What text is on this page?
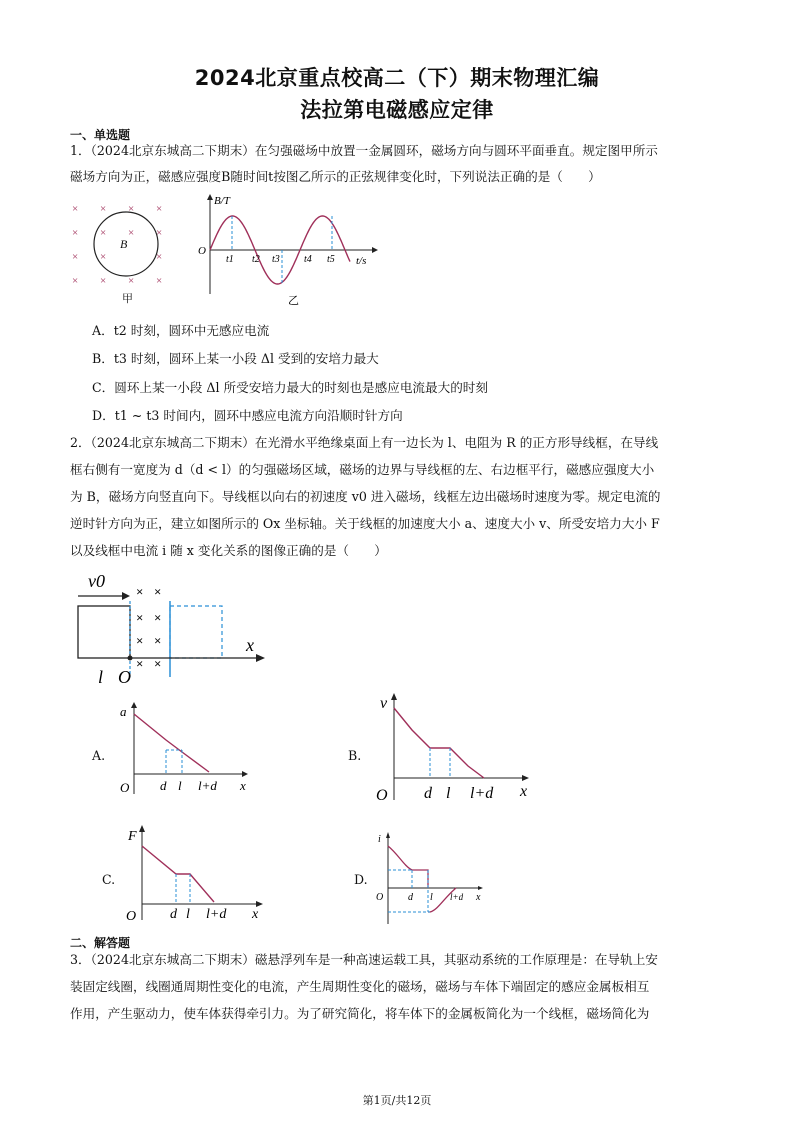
2024北京重点校高二（下）期末物理汇编
法拉第电磁感应定律
一、单选题
1．（2024北京东城高二下期末）在匀强磁场中放置一金属圆环，磁场方向与圆环平面垂直。规定图甲所示
磁场方向为正，磁感应强度B随时间t按图乙所示的正弦规律变化时，下列说法正确的是（　　）
× × × ×
× × × ×
× ×	×
× × × ×
B
甲
B/T
O
t/s
t1 t2 t3 t4 t5
乙
A．t2 时刻，圆环中无感应电流
B．t3 时刻，圆环上某一小段 Δl 受到的安培力最大
C．圆环上某一小段 Δl 所受安培力最大的时刻也是感应电流最大的时刻
D．t1 ~ t3 时间内，圆环中感应电流方向沿顺时针方向
2．（2024北京东城高二下期末）在光滑水平绝缘桌面上有一边长为 l、电阻为 R 的正方形导线框，在导线
框右侧有一宽度为 d（d < l）的匀强磁场区域，磁场的边界与导线框的左、右边框平行，磁感应强度大小
为 B，磁场方向竖直向下。导线框以向右的初速度 v0 进入磁场，线框左边出磁场时速度为零。规定电流的
逆时针方向为正，建立如图所示的 Ox 坐标轴。关于线框的加速度大小 a、速度大小 v、所受安培力大小 F
以及线框中电流 i 随 x 变化关系的图像正确的是（　　）
v0
× ×
× ×
× ×
× ×
x
l O
A.
a
O	x
d l l+d
B.
v
O	x
d l l+d
C.
F
O	x
d l l+d
D.
i
O	x
d l l+d
二、解答题
3．（2024北京东城高二下期末）磁悬浮列车是一种高速运载工具，其驱动系统的工作原理是：在导轨上安
装固定线圈，线圈通周期性变化的电流，产生周期性变化的磁场，磁场与车体下端固定的感应金属板相互
作用，产生驱动力，使车体获得牵引力。为了研究简化，将车体下的金属板简化为一个线框，磁场简化为
第1页/共12页
